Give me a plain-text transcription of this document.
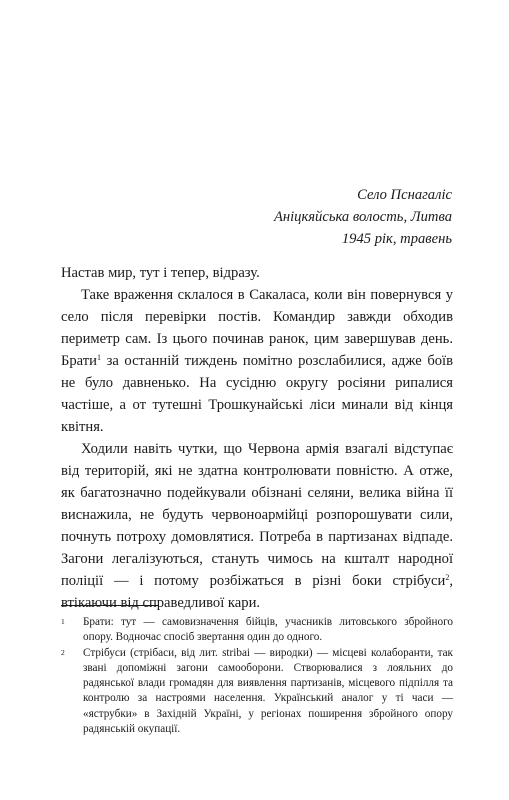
Село Пснагаліс
Аніцкяйська волость, Литва
1945 рік, травень

Настав мир, тут і тепер, відразу.

Таке враження склалося в Сакаласа, коли він повернувся у село після перевірки постів. Командир завжди обходив периметр сам. Із цього починав ранок, цим завершував день. Брати$^1$ за останній тиждень помітно розслабилися, адже боїв не було давненько. На сусідню округу росіяни рипалися частіше, а от тутешні Трошкунайські ліси минали від кінця квітня.

Ходили навіть чутки, що Червона армія взагалі відступає від територій, які не здатна контролювати повністю. А отже, як багатозначно подейкували обізнані селяни, велика війна її виснажила, не будуть червоноармійці розпорошувати сили, почнуть потроху домовлятися. Потреба в партизанах відпаде. Загони легалізуються, стануть чимось на кшталт народної поліції — і потому розбіжаться в різні боки стрібуси$^2$, втікаючи від справедливої кари.

1 Брати: тут — самовизначення бійців, учасників литовського збройного опору. Водночас спосіб звертання один до одного.
2 Стрібуси (стрібаси, від лит. stribai — виродки) — місцеві колаборанти, так звані допоміжні загони самооборони. Створювалися з лояльних до радянської влади громадян для виявлення партизанів, місцевого підпілля та контролю за настроями населення. Український аналог у ті часи — «яструбки» в Західній Україні, у регіонах поширення збройного опору радянській окупації.
